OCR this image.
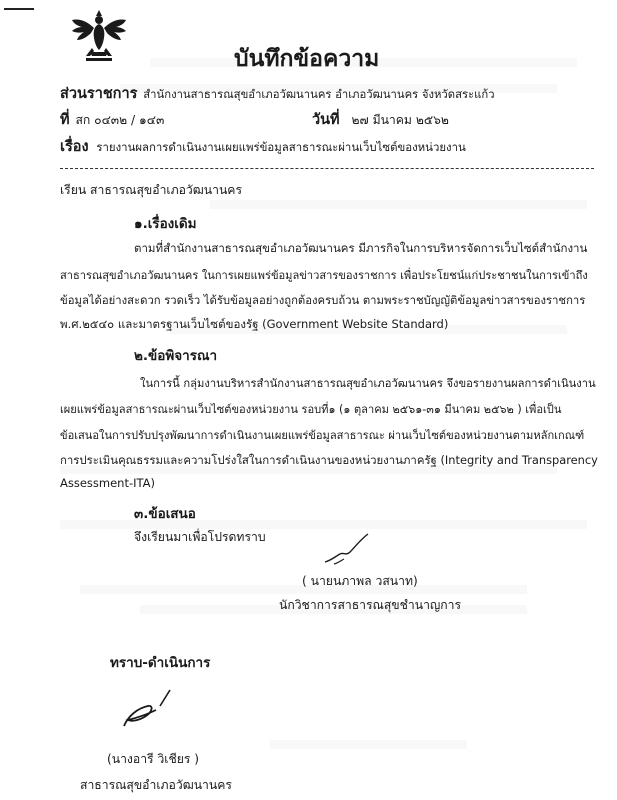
บันทึกข้อความ
ส่วนราชการ สำนักงานสาธารณสุขอำเภอวัฒนานคร อำเภอวัฒนานคร จังหวัดสระแก้ว
ที่ สก ๐๔๓๒ / ๑๔๓	วันที่ ๒๗ มีนาคม ๒๕๖๒
เรื่อง รายงานผลการดำเนินงานเผยแพร่ข้อมูลสาธารณะผ่านเว็บไซต์ของหน่วยงาน
เรียน สาธารณสุขอำเภอวัฒนานคร
๑.เรื่องเดิม
ตามที่สำนักงานสาธารณสุขอำเภอวัฒนานคร มีภารกิจในการบริหารจัดการเว็บไซต์สำนักงาน
สาธารณสุขอำเภอวัฒนานคร ในการเผยแพร่ข้อมูลข่าวสารของราชการ เพื่อประโยชน์แก่ประชาชนในการเข้าถึง
ข้อมูลได้อย่างสะดวก รวดเร็ว ได้รับข้อมูลอย่างถูกต้องครบถ้วน ตามพระราชบัญญัติข้อมูลข่าวสารของราชการ
พ.ศ.๒๕๔๐ และมาตรฐานเว็บไซต์ของรัฐ (Government Website Standard)
๒.ข้อพิจารณา
ในการนี้ กลุ่มงานบริหารสำนักงานสาธารณสุขอำเภอวัฒนานคร จึงขอรายงานผลการดำเนินงาน
เผยแพร่ข้อมูลสาธารณะผ่านเว็บไซต์ของหน่วยงาน รอบที่๑ (๑ ตุลาคม ๒๕๖๑-๓๑ มีนาคม ๒๕๖๒ ) เพื่อเป็น
ข้อเสนอในการปรับปรุงพัฒนาการดำเนินงานเผยแพร่ข้อมูลสาธารณะ ผ่านเว็บไซต์ของหน่วยงานตามหลักเกณฑ์
การประเมินคุณธรรมและความโปร่งใสในการดำเนินงานของหน่วยงานภาครัฐ (Integrity and Transparency
Assessment-ITA)
๓.ข้อเสนอ
จึงเรียนมาเพื่อโปรดทราบ
( นายนภาพล วสนาท)
นักวิชาการสาธารณสุขชำนาญการ
ทราบ-ดำเนินการ
(นางอารี วิเชียร )
สาธารณสุขอำเภอวัฒนานคร
